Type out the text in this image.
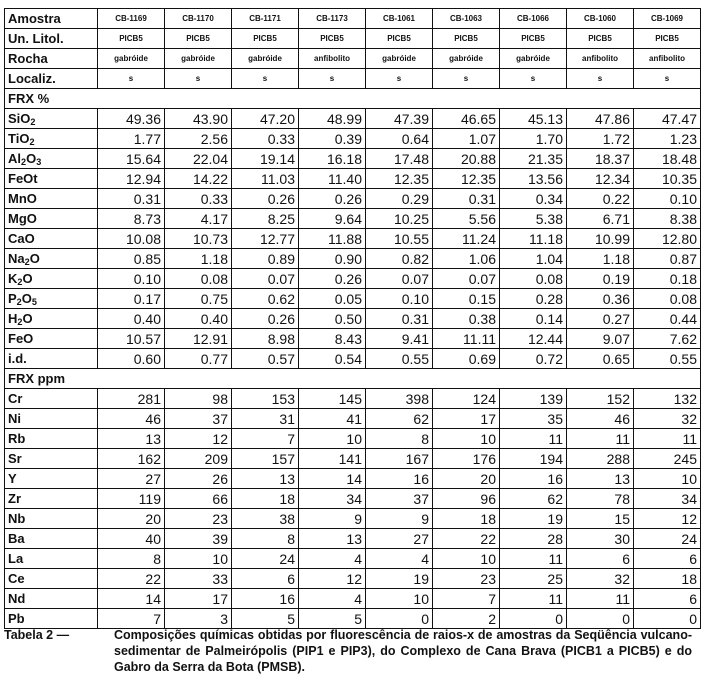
Amostra	CB-1169	CB-1170	CB-1171	CB-1173	CB-1061	CB-1063	CB-1066	CB-1060	CB-1069
Un. Litol.	PICB5	PICB5	PICB5	PICB5	PICB5	PICB5	PICB5	PICB5	PICB5
Rocha	gabróide	gabróide	gabróide	anfibolito	gabróide	gabróide	gabróide	anfibolito	anfibolito
Localiz.	s	s	s	s	s	s	s	s	s
FRX %									
SiO$_2$	49.36	43.90	47.20	48.99	47.39	46.65	45.13	47.86	47.47
TiO$_2$	1.77	2.56	0.33	0.39	0.64	1.07	1.70	1.72	1.23
$Al_2O_3$	15.64	22.04	19.14	16.18	17.48	20.88	21.35	18.37	18.48
FeOt	12.94	14.22	11.03	11.40	12.35	12.35	13.56	12.34	10.35
MnO	0.31	0.33	0.26	0.26	0.29	0.31	0.34	0.22	0.10
MgO	8.73	4.17	8.25	9.64	10.25	5.56	5.38	6.71	8.38
CaO	10.08	10.73	12.77	11.88	10.55	11.24	11.18	10.99	12.80
$Na_2O$	0.85	1.18	0.89	0.90	0.82	1.06	1.04	1.18	0.87
$K_2O$	0.10	0.08	0.07	0.26	0.07	0.07	0.08	0.19	0.18
$P_2O_5$	0.17	0.75	0.62	0.05	0.10	0.15	0.28	0.36	0.08
$H_2O$	0.40	0.40	0.26	0.50	0.31	0.38	0.14	0.27	0.44
FeO	10.57	12.91	8.98	8.43	9.41	11.11	12.44	9.07	7.62
i.d.	0.60	0.77	0.57	0.54	0.55	0.69	0.72	0.65	0.55
FRX ppm									
Cr	281	98	153	145	398	124	139	152	132
Ni	46	37	31	41	62	17	35	46	32
Rb	13	12	7	10	8	10	11	11	11
Sr	162	209	157	141	167	176	194	288	245
Y	27	26	13	14	16	20	16	13	10
Zr	119	66	18	34	37	96	62	78	34
Nb	20	23	38	9	9	18	19	15	12
Ba	40	39	8	13	27	22	28	30	24
La	8	10	24	4	4	10	11	6	6
Ce	22	33	6	12	19	23	25	32	18
Nd	14	17	16	4	10	7	11	11	6
Pb	7	3	5	5	0	2	0	0	0
Tabela 2 —	Composições químicas obtidas por fluorescência de raios-x de amostras da Seqüência vulcano-sedimentar de Palmeirópolis (PIP1 e PIP3), do Complexo de Cana Brava (PICB1 a PICB5) e do Gabro da Serra da Bota (PMSB).
